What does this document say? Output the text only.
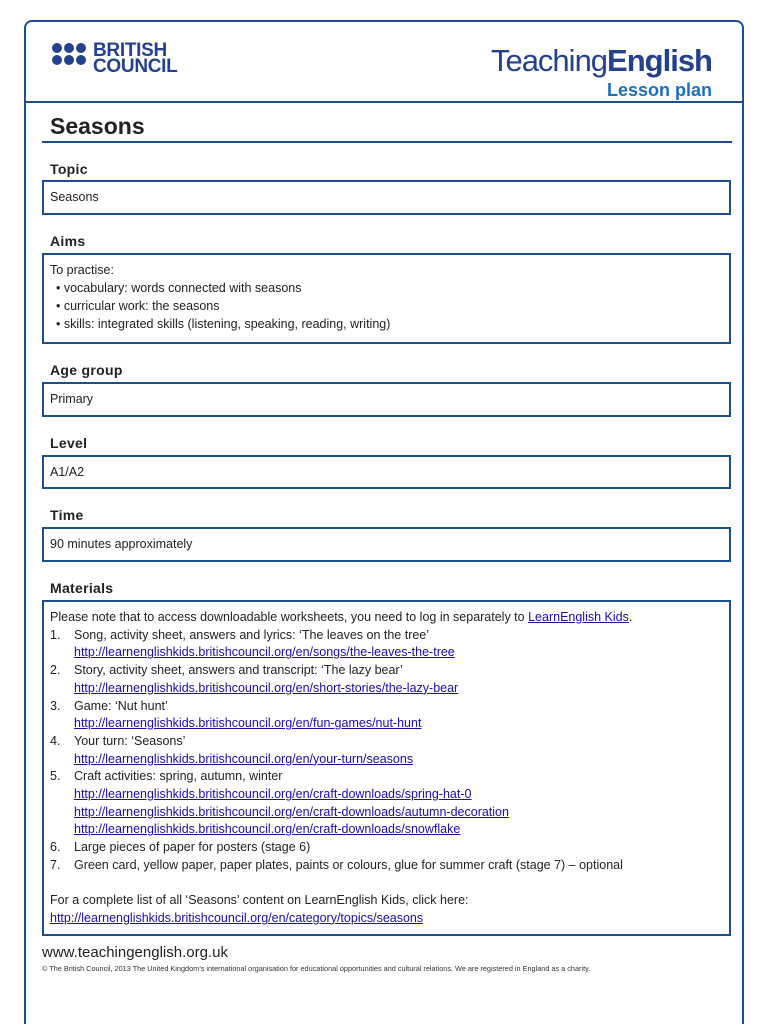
BRITISH
COUNCIL	TeachingEnglish
Lesson plan
Seasons
Topic
Seasons
Aims
To practise:
• vocabulary: words connected with seasons
• curricular work: the seasons
• skills: integrated skills (listening, speaking, reading, writing)
Age group
Primary
Level
A1/A2
Time
90 minutes approximately
Materials
Please note that to access downloadable worksheets, you need to log in separately to LearnEnglish Kids.
1.	Song, activity sheet, answers and lyrics: ‘The leaves on the tree’
http://learnenglishkids.britishcouncil.org/en/songs/the-leaves-the-tree
2.	Story, activity sheet, answers and transcript: ‘The lazy bear’
http://learnenglishkids.britishcouncil.org/en/short-stories/the-lazy-bear
3.	Game: ‘Nut hunt’
http://learnenglishkids.britishcouncil.org/en/fun-games/nut-hunt
4.	Your turn: ‘Seasons’
http://learnenglishkids.britishcouncil.org/en/your-turn/seasons
5.	Craft activities: spring, autumn, winter
http://learnenglishkids.britishcouncil.org/en/craft-downloads/spring-hat-0
http://learnenglishkids.britishcouncil.org/en/craft-downloads/autumn-decoration
http://learnenglishkids.britishcouncil.org/en/craft-downloads/snowflake
6.	Large pieces of paper for posters (stage 6)
7.	Green card, yellow paper, paper plates, paints or colours, glue for summer craft (stage 7) – optional
For a complete list of all ‘Seasons’ content on LearnEnglish Kids, click here:
http://learnenglishkids.britishcouncil.org/en/category/topics/seasons
www.teachingenglish.org.uk
© The British Council, 2013 The United Kingdom’s international organisation for educational opportunities and cultural relations. We are registered in England as a charity.
